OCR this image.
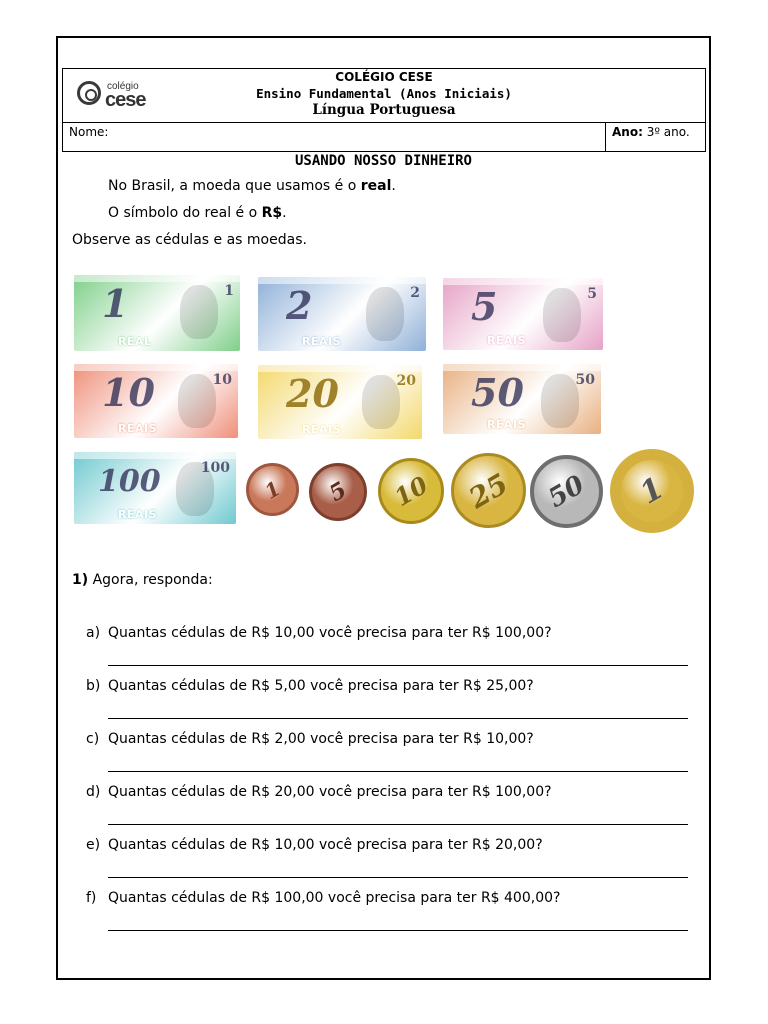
colégio
cese
COLÉGIO CESE
Ensino Fundamental (Anos Iniciais)
Língua Portuguesa
Nome:	Ano: 3º ano.
USANDO NOSSO DINHEIRO
No Brasil, a moeda que usamos é o real.
O símbolo do real é o R$.
Observe as cédulas e as moedas.
1	1
REAL
2	2
REAIS
5	5
REAIS
10	10
REAIS
20	20
REAIS
50	50
REAIS
100	100
REAIS
1	5	10	25	50	1
1) Agora, responda:
a) Quantas cédulas de R$ 10,00 você precisa para ter R$ 100,00?
b) Quantas cédulas de R$ 5,00 você precisa para ter R$ 25,00?
c) Quantas cédulas de R$ 2,00 você precisa para ter R$ 10,00?
d) Quantas cédulas de R$ 20,00 você precisa para ter R$ 100,00?
e) Quantas cédulas de R$ 10,00 você precisa para ter R$ 20,00?
f) Quantas cédulas de R$ 100,00 você precisa para ter R$ 400,00?
